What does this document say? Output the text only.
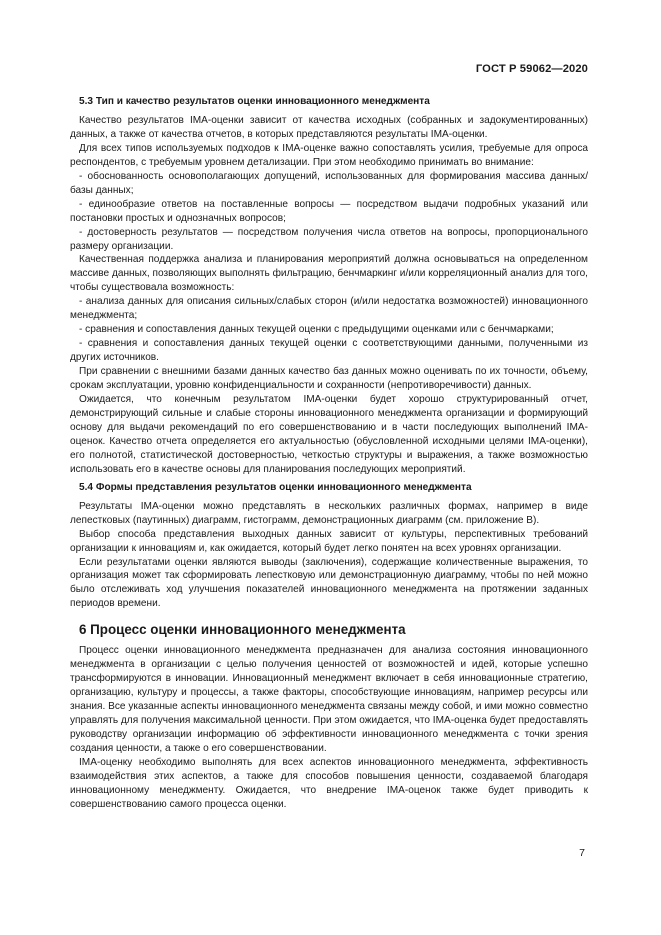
ГОСТ Р 59062—2020
5.3 Тип и качество результатов оценки инновационного менеджмента

Качество результатов IMA-оценки зависит от качества исходных (собранных и задокументированных) данных, а также от качества отчетов, в которых представляются результаты IMA-оценки.

Для всех типов используемых подходов к IMA-оценке важно сопоставлять усилия, требуемые для опроса респондентов, с требуемым уровнем детализации. При этом необходимо принимать во внимание:

- обоснованность основополагающих допущений, использованных для формирования массива данных/базы данных;

- единообразие ответов на поставленные вопросы — посредством выдачи подробных указаний или постановки простых и однозначных вопросов;

- достоверность результатов — посредством получения числа ответов на вопросы, пропорционального размеру организации.

Качественная поддержка анализа и планирования мероприятий должна основываться на определенном массиве данных, позволяющих выполнять фильтрацию, бенчмаркинг и/или корреляционный анализ для того, чтобы существовала возможность:

- анализа данных для описания сильных/слабых сторон (и/или недостатка возможностей) инновационного менеджмента;

- сравнения и сопоставления данных текущей оценки с предыдущими оценками или с бенчмарками;

- сравнения и сопоставления данных текущей оценки с соответствующими данными, полученными из других источников.

При сравнении с внешними базами данных качество баз данных можно оценивать по их точности, объему, срокам эксплуатации, уровню конфиденциальности и сохранности (непротиворечивости) данных.

Ожидается, что конечным результатом IMA-оценки будет хорошо структурированный отчет, демонстрирующий сильные и слабые стороны инновационного менеджмента организации и формирующий основу для выдачи рекомендаций по его совершенствованию и в части последующих выполнений IMA-оценок. Качество отчета определяется его актуальностью (обусловленной исходными целями IMA-оценки), его полнотой, статистической достоверностью, четкостью структуры и выражения, а также возможностью использовать его в качестве основы для планирования последующих мероприятий.

5.4 Формы представления результатов оценки инновационного менеджмента

Результаты IMA-оценки можно представлять в нескольких различных формах, например в виде лепестковых (паутинных) диаграмм, гистограмм, демонстрационных диаграмм (см. приложение В).

Выбор способа представления выходных данных зависит от культуры, перспективных требований организации к инновациям и, как ожидается, который будет легко понятен на всех уровнях организации.

Если результатами оценки являются выводы (заключения), содержащие количественные выражения, то организация может так сформировать лепестковую или демонстрационную диаграмму, чтобы по ней можно было отслеживать ход улучшения показателей инновационного менеджмента на протяжении заданных периодов времени.

6 Процесс оценки инновационного менеджмента

Процесс оценки инновационного менеджмента предназначен для анализа состояния инновационного менеджмента в организации с целью получения ценностей от возможностей и идей, которые успешно трансформируются в инновации. Инновационный менеджмент включает в себя инновационные стратегию, организацию, культуру и процессы, а также факторы, способствующие инновациям, например ресурсы или знания. Все указанные аспекты инновационного менеджмента связаны между собой, и ими можно совместно управлять для получения максимальной ценности. При этом ожидается, что IMA-оценка будет предоставлять руководству организации информацию об эффективности инновационного менеджмента с точки зрения создания ценности, а также о его совершенствовании.

IMA-оценку необходимо выполнять для всех аспектов инновационного менеджмента, эффективность взаимодействия этих аспектов, а также для способов повышения ценности, создаваемой благодаря инновационному менеджменту. Ожидается, что внедрение IMA-оценок также будет приводить к совершенствованию самого процесса оценки.

7
